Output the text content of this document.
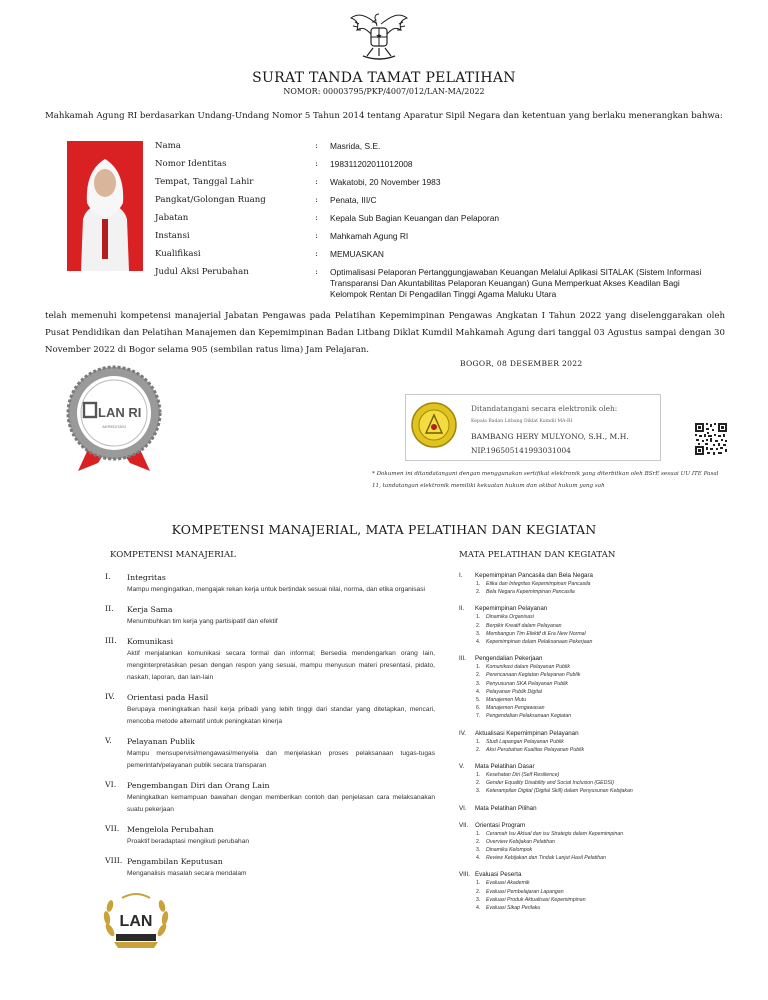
SURAT TANDA TAMAT PELATIHAN
NOMOR: 00003795/PKP/4007/012/LAN-MA/2022
Mahkamah Agung RI berdasarkan Undang-Undang Nomor 5 Tahun 2014 tentang Aparatur Sipil Negara dan ketentuan yang berlaku menerangkan bahwa:
Nama	:	Masrida, S.E.
Nomor Identitas	:	198311202011012008
Tempat, Tanggal Lahir	:	Wakatobi, 20 November 1983
Pangkat/Golongan Ruang	:	Penata, III/C
Jabatan	:	Kepala Sub Bagian Keuangan dan Pelaporan
Instansi	:	Mahkamah Agung RI
Kualifikasi	:	MEMUASKAN
Judul Aksi Perubahan	:	Optimalisasi Pelaporan Pertanggungjawaban Keuangan Melalui Aplikasi SITALAK (Sistem Informasi Transparansi Dan Akuntabilitas Pelaporan Keuangan) Guna Memperkuat Akses Keadilan Bagi Kelompok Rentan Di Pengadilan Tinggi Agama Maluku Utara
telah memenuhi kompetensi manajerial Jabatan Pengawas pada Pelatihan Kepemimpinan Pengawas Angkatan I Tahun 2022 yang diselenggarakan oleh Pusat Pendidikan dan Pelatihan Manajemen dan Kepemimpinan Badan Litbang Diklat Kumdil Mahkamah Agung dari tanggal 03 Agustus sampai dengan 30 November 2022 di Bogor selama 905 (sembilan ratus lima) Jam Pelajaran.
BOGOR, 08 DESEMBER 2022
LAN RI
AKREDITASI
Ditandatangani secara elektronik oleh:
Kepala Badan Litbang Diklat Kumdil MA-RI
BAMBANG HERY MULYONO, S.H., M.H.
NIP.196505141993031004
* Dokumen ini ditandatangani dengan menggunakan sertifikat elektronik yang diterbitkan oleh BSrE sesuai UU ITE Pasal 11, tandatangan elektronik memiliki kekuatan hukum dan akibat hukum yang sah
KOMPETENSI MANAJERIAL, MATA PELATIHAN DAN KEGIATAN
KOMPETENSI MANAJERIAL	MATA PELATIHAN DAN KEGIATAN
I.	Integritas
Mampu mengingatkan, mengajak rekan kerja untuk bertindak sesuai nilai, norma, dan etika organisasi
II.	Kerja Sama
Menumbuhkan tim kerja yang partisipatif dan efektif
III.	Komunikasi
Aktif menjalankan komunikasi secara formal dan informal; Bersedia mendengarkan orang lain, menginterpretasikan pesan dengan respon yang sesuai, mampu menyusun materi presentasi, pidato, naskah, laporan, dan lain-lain
IV.	Orientasi pada Hasil
Berupaya meningkatkan hasil kerja pribadi yang lebih tinggi dari standar yang ditetapkan, mencari, mencoba metode alternatif untuk peningkatan kinerja
V.	Pelayanan Publik
Mampu mensupervisi/mengawasi/menyelia dan menjelaskan proses pelaksanaan tugas-tugas pemerintah/pelayanan publik secara transparan
VI.	Pengembangan Diri dan Orang Lain
Meningkatkan kemampuan bawahan dengan memberikan contoh dan penjelasan cara melaksanakan suatu pekerjaan
VII. Mengelola Perubahan
Proaktif beradaptasi mengikuti perubahan
VIII. Pengambilan Keputusan
Menganalisis masalah secara mendalam
I.	Kepemimpinan Pancasila dan Bela Negara
1.	Etika dan Integritas Kepemimpinan Pancasila
2.	Bela Negara Kepemimpinan Pancasila
II.	Kepemimpinan Pelayanan
1.	Dinamika Organisasi
2.	Berpikir Kreatif dalam Pelayanan
3.	Membangun Tim Efektif di Era New Normal
4.	Kepemimpinan dalam Pelaksanaan Pekerjaan
III.	Pengendalian Pekerjaan
1.	Komunikasi dalam Pelayanan Publik
2.	Perencanaan Kegiatan Pelayanan Publik
3.	Penyusunan SKA Pelayanan Publik
4.	Pelayanan Publik Digital
5.	Manajemen Mutu
6.	Manajemen Pengawasan
7.	Pengendalian Pelaksanaan Kegiatan
IV.	Aktualisasi Kepemimpinan Pelayanan
1.	Studi Lapangan Pelayanan Publik
2.	Aksi Perubahan Kualitas Pelayanan Publik
V.	Mata Pelatihan Dasar
1.	Kesehatan Diri (Self Resilience)
2.	Gender Equality Disability and Social Inclusion (GEDSI)
3.	Keterampilan Digital (Digital Skill) dalam Penyusunan Kebijakan
VI.	Mata Pelatihan Pilihan
VII.	Orientasi Program
1.	Ceramah Isu Aktual dan isu Strategis dalam Kepemimpinan
2.	Overview Kebijakan Pelatihan
3.	Dinamika Kelompok
4.	Review Kebijakan dan Tindak Lanjut Hasil Pelatihan
VIII. Evaluasi Peserta
1.	Evaluasi Akademik
2.	Evaluasi Pembelajaran Lapangan
3.	Evaluasi Produk Aktualisasi Kepemimpinan
4.	Evaluasi Sikap Perilaku
LAN
